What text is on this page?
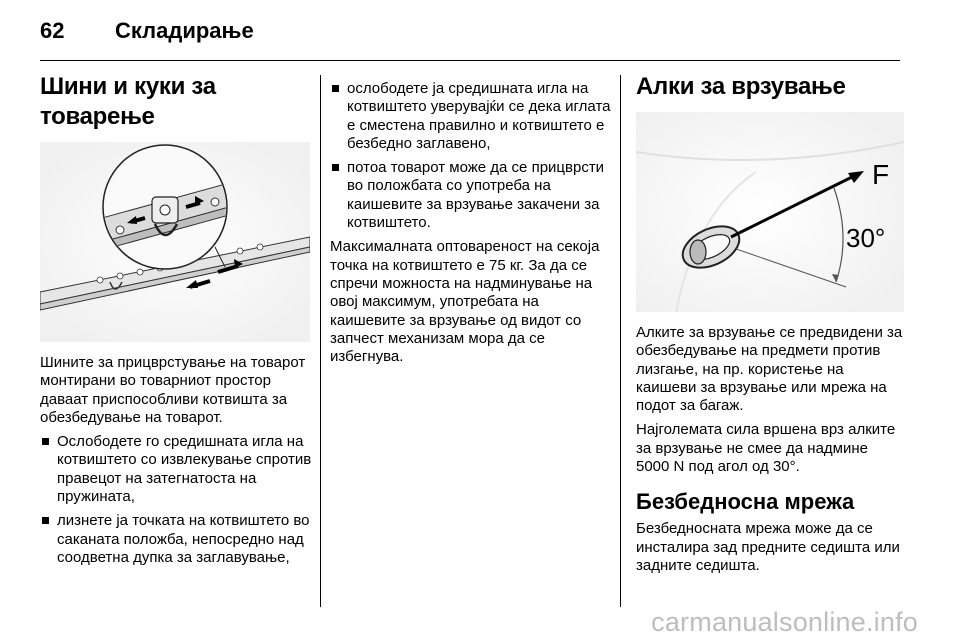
62 Складирање
Шини и куки за товарење

Шините за прицврстување на товарот монтирани во товарниот простор даваат приспособливи котвишта за обезбедување на товарот.

Ослободете го средишната игла на котвиштето со извлекување спротив правецот на затегнатоста на пружината,
лизнете ја точката на котвиштето во саканата положба, непосредно над соодветна дупка за заглавување,
ослободете ја средишната игла на котвиштето уверувајќи се дека иглата е сместена правилно и котвиштето е безбедно заглавено,
потоа товарот може да се прицврсти во положбата со употреба на каишевите за врзување закачени за котвиштето.

Максималната оптовареност на секоја точка на котвиштето е 75 кг. За да се спречи можноста на надминување на овој максимум, употребата на каишевите за врзување од видот со запчест механизам мора да се избегнува.

Алки за врзување
F
30°

Алките за врзување се предвидени за обезбедување на предмети против лизгање, на пр. користење на каишеви за врзување или мрежа на подот за багаж.

Најголемата сила вршена врз алките за врзување не смее да надмине 5000 N под агол од 30°.

Безбедносна мрежа

Безбедносната мрежа може да се инсталира зад предните седишта или задните седишта.

carmanualsonline.info
